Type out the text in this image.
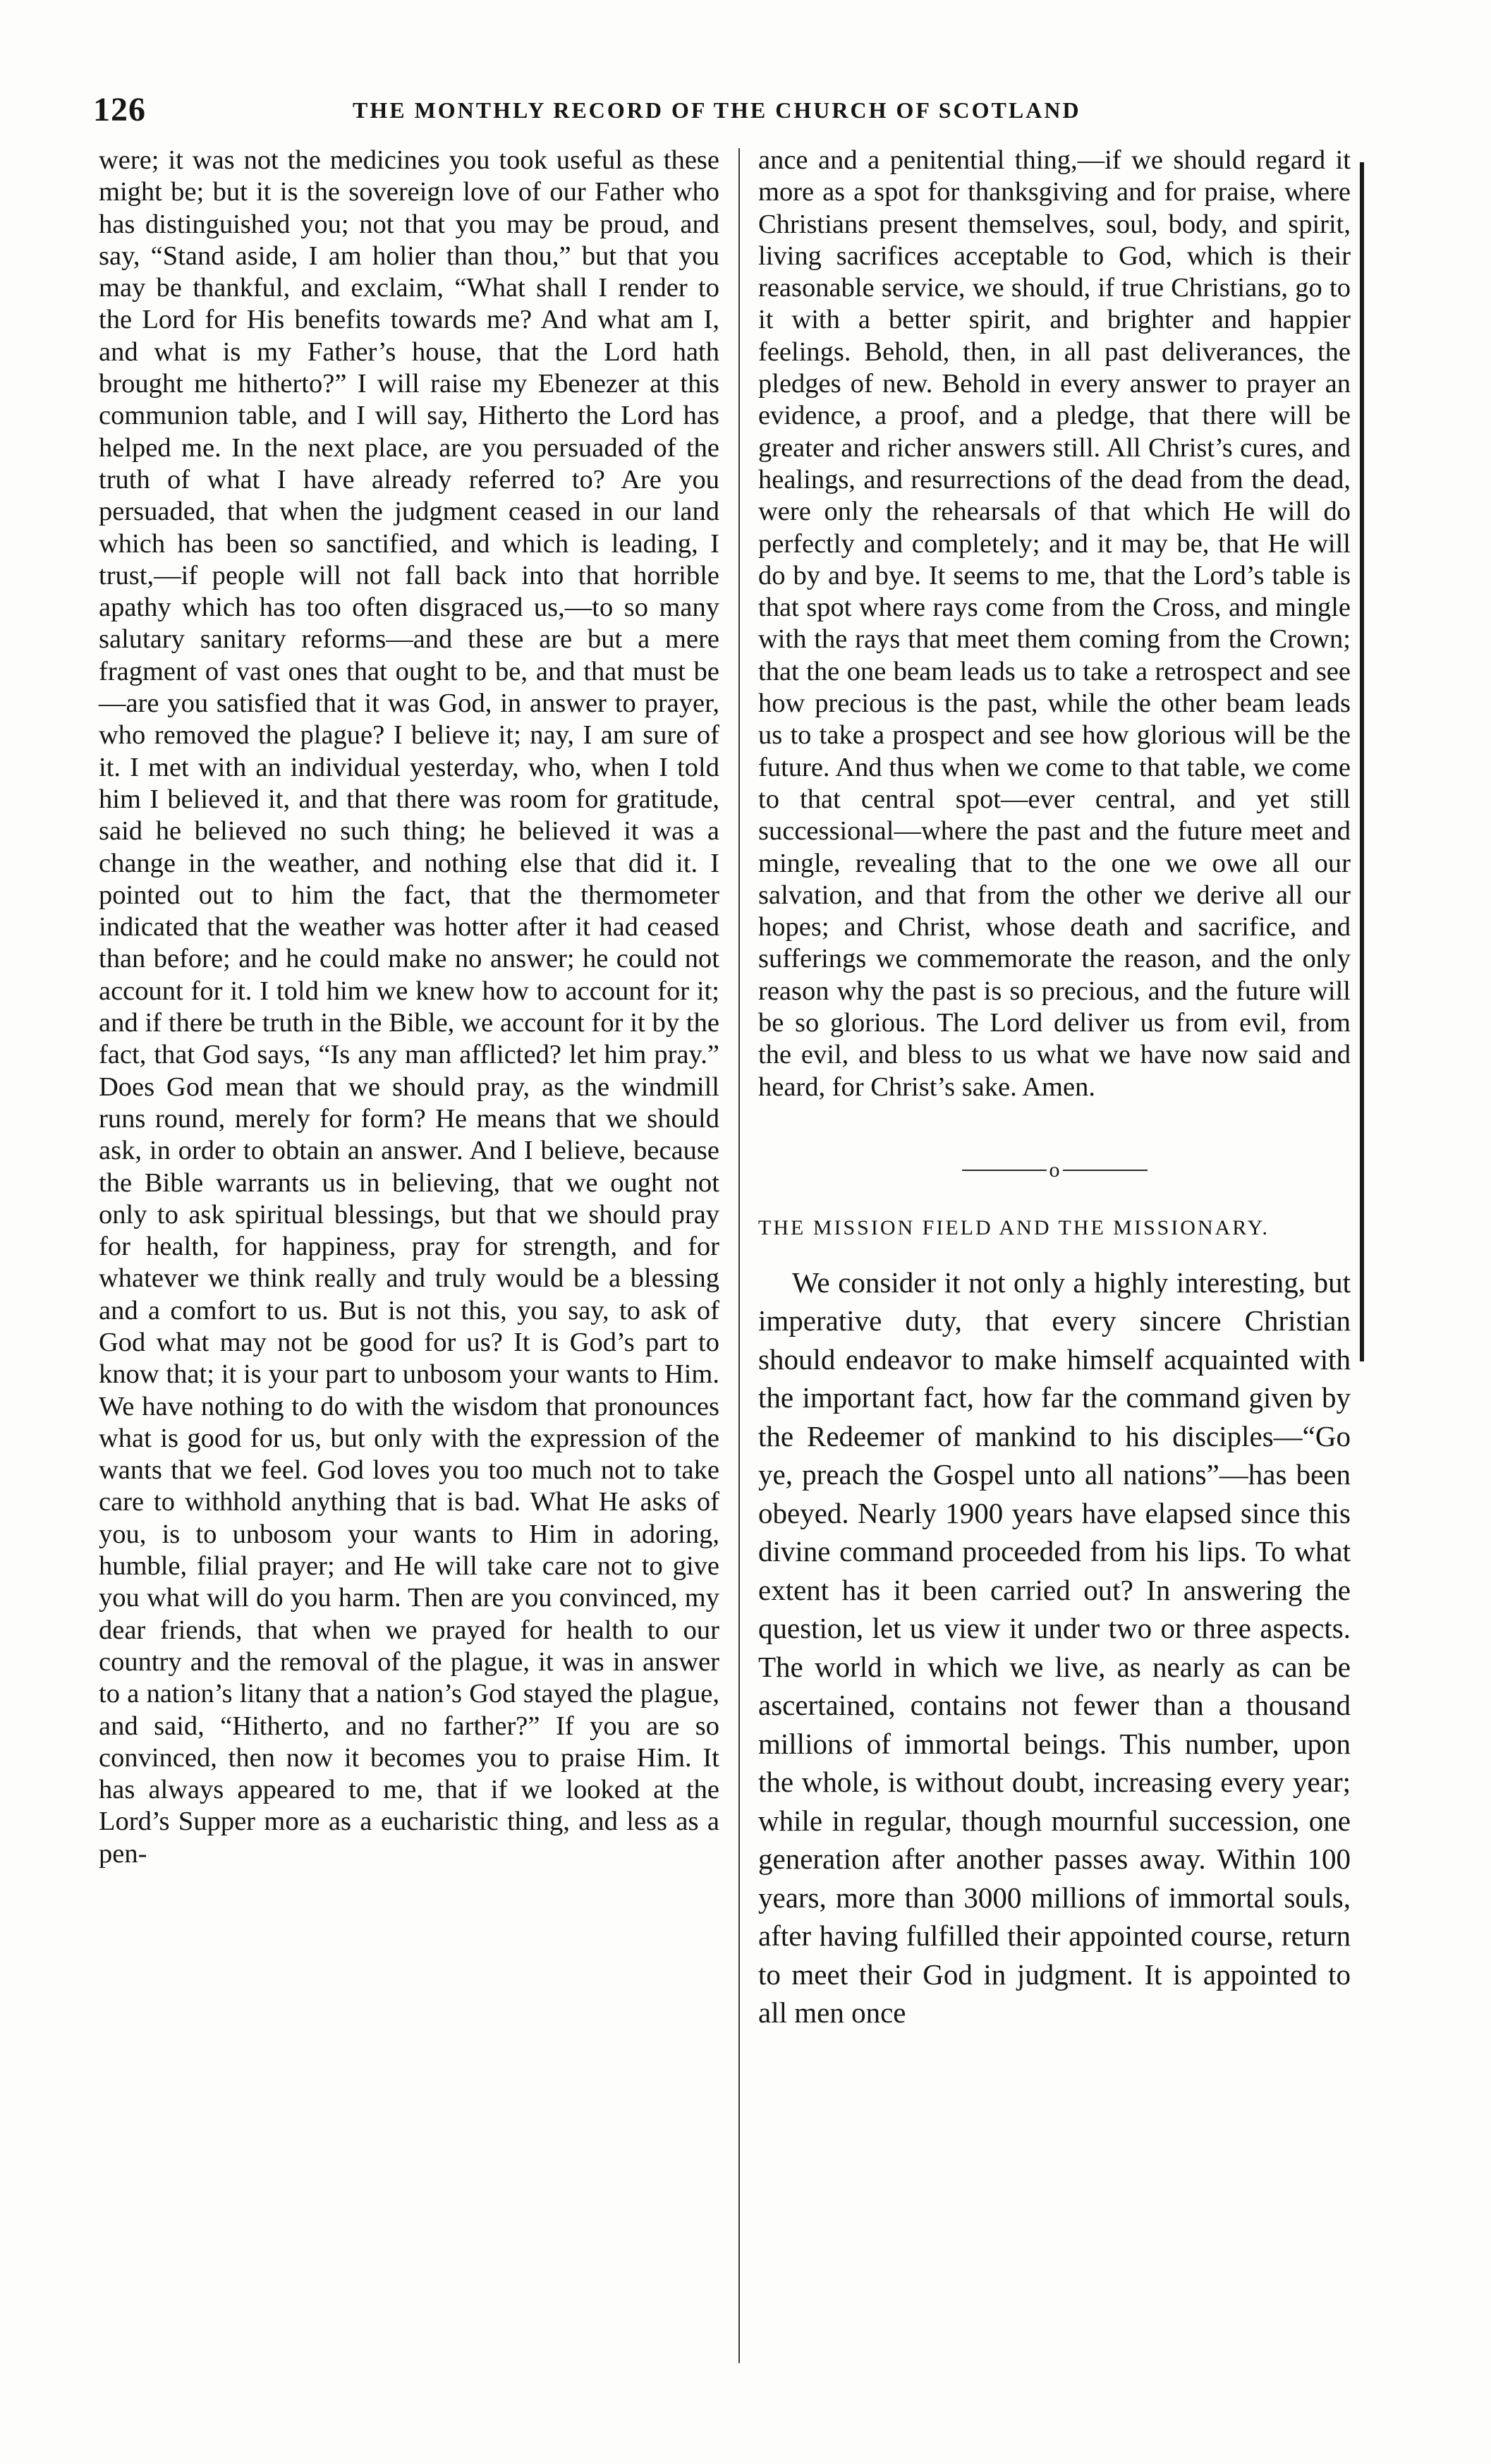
126	THE MONTHLY RECORD OF THE CHURCH OF SCOTLAND

were; it was not the medicines you took useful as these might be; but it is the sovereign love of our Father who has distinguished you; not that you may be proud, and say, “Stand aside, I am holier than thou,” but that you may be thankful, and exclaim, “What shall I render to the Lord for His benefits towards me? And what am I, and what is my Father’s house, that the Lord hath brought me hitherto?” I will raise my Ebenezer at this communion table, and I will say, Hitherto the Lord has helped me. In the next place, are you persuaded of the truth of what I have already referred to? Are you persuaded, that when the judgment ceased in our land which has been so sanctified, and which is leading, I trust,—if people will not fall back into that horrible apathy which has too often disgraced us,—to so many salutary sanitary reforms—and these are but a mere fragment of vast ones that ought to be, and that must be—are you satisfied that it was God, in answer to prayer, who removed the plague? I believe it; nay, I am sure of it. I met with an individual yesterday, who, when I told him I believed it, and that there was room for gratitude, said he believed no such thing; he believed it was a change in the weather, and nothing else that did it. I pointed out to him the fact, that the thermometer indicated that the weather was hotter after it had ceased than before; and he could make no answer; he could not account for it. I told him we knew how to account for it; and if there be truth in the Bible, we account for it by the fact, that God says, “Is any man afflicted? let him pray.” Does God mean that we should pray, as the windmill runs round, merely for form? He means that we should ask, in order to obtain an answer. And I believe, because the Bible warrants us in believing, that we ought not only to ask spiritual blessings, but that we should pray for health, for happiness, pray for strength, and for whatever we think really and truly would be a blessing and a comfort to us. But is not this, you say, to ask of God what may not be good for us? It is God’s part to know that; it is your part to unbosom your wants to Him. We have nothing to do with the wisdom that pronounces what is good for us, but only with the expression of the wants that we feel. God loves you too much not to take care to withhold anything that is bad. What He asks of you, is to unbosom your wants to Him in adoring, humble, filial prayer; and He will take care not to give you what will do you harm. Then are you convinced, my dear friends, that when we prayed for health to our country and the removal of the plague, it was in answer to a nation’s litany that a nation’s God stayed the plague, and said, “Hitherto, and no farther?” If you are so convinced, then now it becomes you to praise Him. It has always appeared to me, that if we looked at the Lord’s Supper more as a eucharistic thing, and less as a pen-

ance and a penitential thing,—if we should regard it more as a spot for thanksgiving and for praise, where Christians present themselves, soul, body, and spirit, living sacrifices acceptable to God, which is their reasonable service, we should, if true Christians, go to it with a better spirit, and brighter and happier feelings. Behold, then, in all past deliverances, the pledges of new. Behold in every answer to prayer an evidence, a proof, and a pledge, that there will be greater and richer answers still. All Christ’s cures, and healings, and resurrections of the dead from the dead, were only the rehearsals of that which He will do perfectly and completely; and it may be, that He will do by and bye. It seems to me, that the Lord’s table is that spot where rays come from the Cross, and mingle with the rays that meet them coming from the Crown; that the one beam leads us to take a retrospect and see how precious is the past, while the other beam leads us to take a prospect and see how glorious will be the future. And thus when we come to that table, we come to that central spot—ever central, and yet still successional—where the past and the future meet and mingle, revealing that to the one we owe all our salvation, and that from the other we derive all our hopes; and Christ, whose death and sacrifice, and sufferings we commemorate the reason, and the only reason why the past is so precious, and the future will be so glorious. The Lord deliver us from evil, from the evil, and bless to us what we have now said and heard, for Christ’s sake. Amen.

o

THE MISSION FIELD AND THE MISSIONARY.

We consider it not only a highly interesting, but imperative duty, that every sincere Christian should endeavor to make himself acquainted with the important fact, how far the command given by the Redeemer of mankind to his disciples—“Go ye, preach the Gospel unto all nations”—has been obeyed. Nearly 1900 years have elapsed since this divine command proceeded from his lips. To what extent has it been carried out? In answering the question, let us view it under two or three aspects. The world in which we live, as nearly as can be ascertained, contains not fewer than a thousand millions of immortal beings. This number, upon the whole, is without doubt, increasing every year; while in regular, though mournful succession, one generation after another passes away. Within 100 years, more than 3000 millions of immortal souls, after having fulfilled their appointed course, return to meet their God in judgment. It is appointed to all men once
